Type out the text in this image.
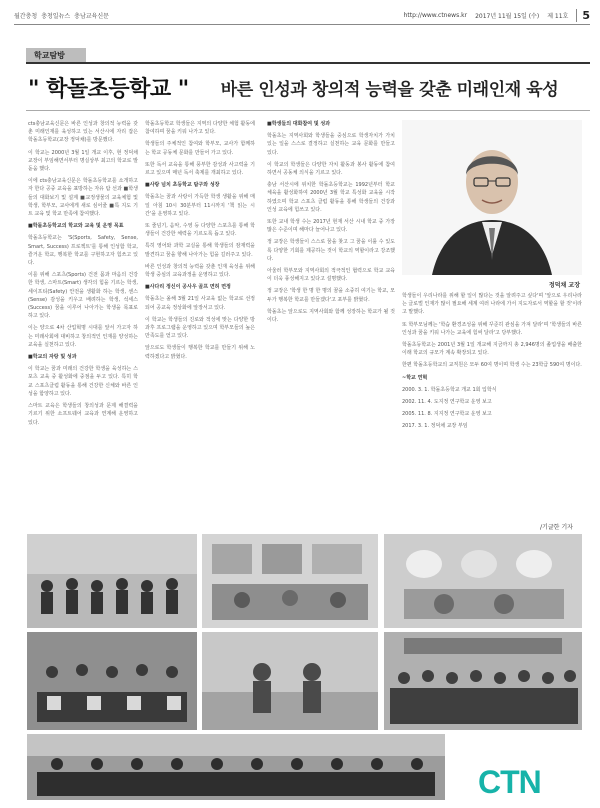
월간충청 충청일뉴스 충남교육신문	http://www.ctnews.kr 2017년 11월 15일 (수) 제 11호	5
학교탐방
" 학돌초등학교 " 바른 인성과 창의적 능력을 갖춘 미래인재 육성

cts충남교육신문은 바른 인성과 창의적 능력을 갖춘 미래인재를 육성하고 있는 서산시에 자리 잡은 학돌초등학교(교장 정덕채)를 방문했다.

이 학교는 2000년 3월 1일 개교 이후, 현 정덕채 교장이 부임해면서부터 명실상부 최고의 학교로 발 돋움 했다.

이에 cts충남교육신문은 학돌초등학교를 소개하고자 한다 공중 교육을 표방하는 자유 탐 선과 ■학생들의 대화보기 및 설계 ■교정생물의 교육체험 및 학생, 학부모, 교사에게 새로 심어줄 ■특 지도 기트 교육 및 학교 만족에 참여했다.

■학돌초등학교의 학교와 교육 및 운영 목표

학돌초등학교는 'S(Sports, Safety, Sense, Smart, Success) 프로젝트'를 통해 인성함 학교, 즐거운 학교, 행복한 학교를 구현하고자 힘쓰고 있다.

이를 위해 스포츠(Sports) 건전 몸과 마음의 건강한 학생, 스마트(Smart) 생각의 힘을 기르는 학생, 세이프티(Safety) 안전을 생활화 하는 학생, 센스(Sense) 감성을 키우고 배려하는 학생, 석세스(Success) 꿈을 이루어 나아가는 학생을 목표로 하고 있다.

이는 양으로 4차 산업혁명 시대를 앞서 가고자 하는 미래사회에 대비하고 창의적인 인재를 양성하는 교육을 실천하고 있다.

■학교의 자랑 및 성과

이 학교는 꿈과 미래의 건강한 학생을 육성하는 스포츠 교육 중 활성화에 중점을 두고 있다. 특히 학교 스포츠클럽 활동을 통해 건강한 신체와 바른 인성을 함양하고 있다.

스마트 교육은 학생들의 창의성과 문제 해결력을 기르기 위한 소프트웨어 교육과 연계해 운영하고 있다.

학돌초등학교 학생들은 지역의 다양한 체험 활동에 참여하며 꿈을 키워 나가고 있다.

학생들의 주체적인 참여와 학부모, 교사가 함께하는 학교 공동체 문화를 만들어 가고 있다.

또한 독서 교육을 통해 풍부한 감성과 사고력을 기르고 있으며 매년 독서 축제를 개최하고 있다.

■사랑 넘치 초등학교 탐구와 성장

학돌초는 꿈과 사랑이 가득한 학생 생활을 위해 매일 아침 10시 30분부터 11시까지 '책 읽는 시간'을 운영하고 있다.

또 줄넘기, 음악, 수영 등 다양한 스포츠를 통해 학생들이 건강한 체력을 기르도록 돕고 있다.

특히 영어와 과학 교실을 통해 학생들의 잠재력을 발견하고 꿈을 향해 나아가는 힘을 길러주고 있다.

바른 인성과 창의적 능력을 갖춘 인재 육성을 위해 학생 중심의 교육과정을 운영하고 있다.

■사다리 정신이 공사우 골프 면허 면정

학돌초는 올해 3월 21일 사교육 없는 학교로 선정되어 공교육 정상화에 앞장서고 있다.

이 학교는 학생들의 진로와 적성에 맞는 다양한 방과후 프로그램을 운영하고 있으며 학부모들의 높은 만족도를 얻고 있다.

앞으로도 학생들이 행복한 학교를 만들기 위해 노력하겠다고 밝혔다.

■학생들의 대화참여 및 성과

학돌초는 지역사회와 학생들을 중심으로 학생자치가 가치 있는 일을 스스로 결정하고 실천하는 교육 문화를 만들고 있다.

이 학교의 학생들은 다양한 자치 활동과 봉사 활동에 참여하면서 공동체 의식을 기르고 있다.

충남 서산시에 위치한 학돌초등학교는 1992년부터 학교 체육을 활성화하여 2000년 3월 학교 특성화 교육을 시작하였으며 학교 스포츠 클럽 활동을 통해 학생들의 건강과 인성 교육에 힘쓰고 있다.

또한 교내 학생 수는 2017년 현재 서산 시내 학교 중 가장 많은 수준이며 해마다 늘어나고 있다.

정 교장은 학생들이 스스로 꿈을 찾고 그 꿈을 이룰 수 있도록 다양한 기회를 제공하는 것이 학교의 역할이라고 강조했다.

아울러 학부모와 지역사회의 적극적인 협력으로 학교 교육이 더욱 풍성해지고 있다고 설명했다.

정 교장은 '학생 한 명 한 명의 꿈을 소중히 여기는 학교, 모두가 행복한 학교를 만들겠다'고 포부를 밝혔다.

학돌초는 앞으로도 지역사회와 함께 성장하는 학교가 될 것이다.

정덕채 교장

학생들이 우리나라를 위해 할 일이 많다는 것을 알려주고 싶다'며 '앞으로 우리나라는 글로벌 인재가 많이 필요해 세계 여러 나라에 가서 지도자로서 역할을 할 것'이라고 말했다.

또 학부모님께는 '학습 환경조성을 위해 꾸준히 관심을 가져 달라'며 '학생들의 바른 인성과 꿈을 키워 나가는 교육에 힘써 달라'고 당부했다.

학돌초등학교는 2001년 3월 1일 개교해 지금까지 총 2,946명의 졸업생을 배출한 이래 학교의 규모가 계속 확장되고 있다.

한편 학돌초등학교의 교직원은 모두 60여 명이며 학생 수는 23학급 590여 명이다.

~학교 연혁

2000. 3. 1. 학돌초등학교 개교 1회 입학식

2002. 11. 4. 도지정 연구학교 운영 보고

2005. 11. 8. 지지정 연구학교 운영 보고

2017. 3. 1. 정덕채 교장 부임

/기글한 기자
CTN
